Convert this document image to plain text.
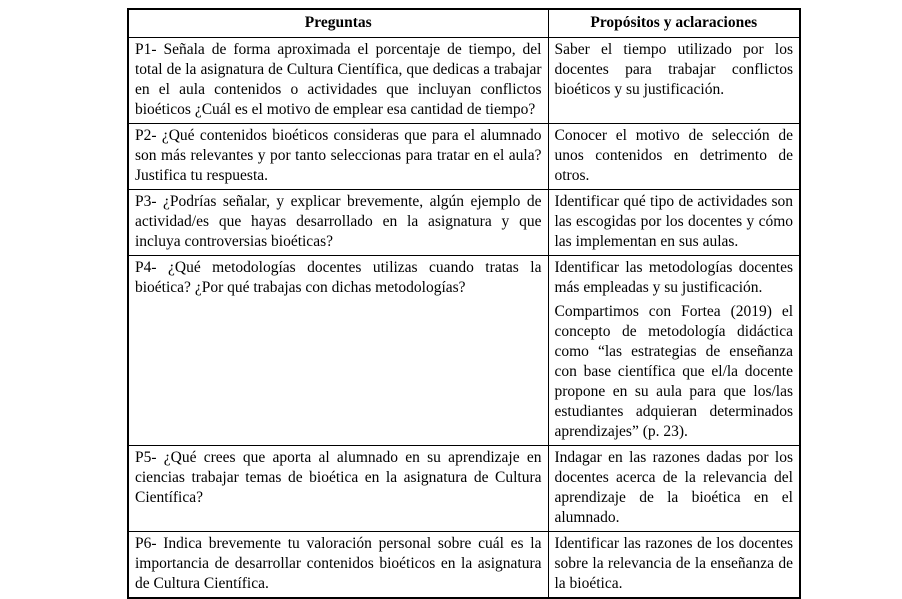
Preguntas	Propósitos y aclaraciones

P1- Señala de forma aproximada el porcentaje de tiempo, del total de la asignatura de Cultura Científica, que dedicas a trabajar en el aula contenidos o actividades que incluyan conflictos bioéticos ¿Cuál es el motivo de emplear esa cantidad de tiempo?	Saber el tiempo utilizado por los docentes para trabajar conflictos bioéticos y su justificación.

P2- ¿Qué contenidos bioéticos consideras que para el alumnado son más relevantes y por tanto seleccionas para tratar en el aula? Justifica tu respuesta.	Conocer el motivo de selección de unos contenidos en detrimento de otros.

P3- ¿Podrías señalar, y explicar brevemente, algún ejemplo de actividad/es que hayas desarrollado en la asignatura y que incluya controversias bioéticas?	Identificar qué tipo de actividades son las escogidas por los docentes y cómo las implementan en sus aulas.

P4- ¿Qué metodologías docentes utilizas cuando tratas la bioética? ¿Por qué trabajas con dichas metodologías?	Identificar las metodologías docentes más empleadas y su justificación.

Compartimos con Fortea (2019) el concepto de metodología didáctica como “las estrategias de enseñanza con base científica que el/la docente propone en su aula para que los/las estudiantes adquieran determinados aprendizajes” (p. 23).

P5- ¿Qué crees que aporta al alumnado en su aprendizaje en ciencias trabajar temas de bioética en la asignatura de Cultura Científica?	Indagar en las razones dadas por los docentes acerca de la relevancia del aprendizaje de la bioética en el alumnado.

P6- Indica brevemente tu valoración personal sobre cuál es la importancia de desarrollar contenidos bioéticos en la asignatura de Cultura Científica.	Identificar las razones de los docentes sobre la relevancia de la enseñanza de la bioética.
